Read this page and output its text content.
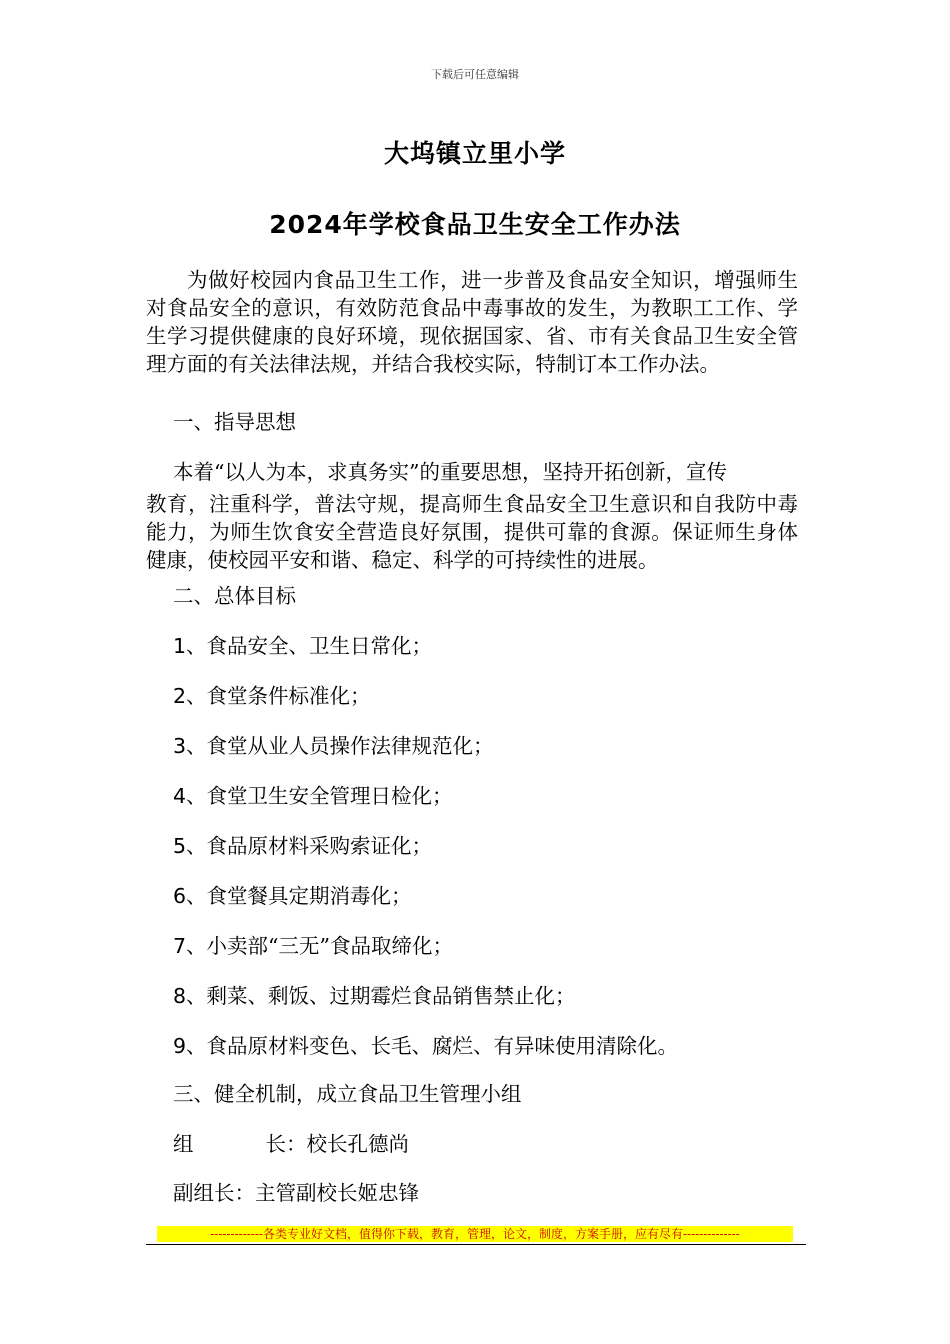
下载后可任意编辑
大坞镇立里小学
2024年学校食品卫生安全工作办法

为做好校园内食品卫生工作，进一步普及食品安全知识，增强师生对食品安全的意识，有效防范食品中毒事故的发生，为教职工工作、学生学习提供健康的良好环境，现依据国家、省、市有关食品卫生安全管理方面的有关法律法规，并结合我校实际，特制订本工作办法。

一、指导思想
本着“以人为本，求真务实”的重要思想，坚持开拓创新，宣传

教育，注重科学，普法守规，提高师生食品安全卫生意识和自我防中毒能力，为师生饮食安全营造良好氛围，提供可靠的食源。保证师生身体健康，使校园平安和谐、稳定、科学的可持续性的进展。

二、总体目标
1、食品安全、卫生日常化；
2、食堂条件标准化；
3、食堂从业人员操作法律规范化；
4、食堂卫生安全管理日检化；
5、食品原材料采购索证化；
6、食堂餐具定期消毒化；
7、小卖部“三无”食品取缔化；
8、剩菜、剩饭、过期霉烂食品销售禁止化；
9、食品原材料变色、长毛、腐烂、有异味使用清除化。
三、健全机制，成立食品卫生管理小组
组	长：校长孔德尚
副组长：主管副校长姬忠锋
-------------各类专业好文档，值得你下载，教育，管理，论文，制度，方案手册，应有尽有--------------
